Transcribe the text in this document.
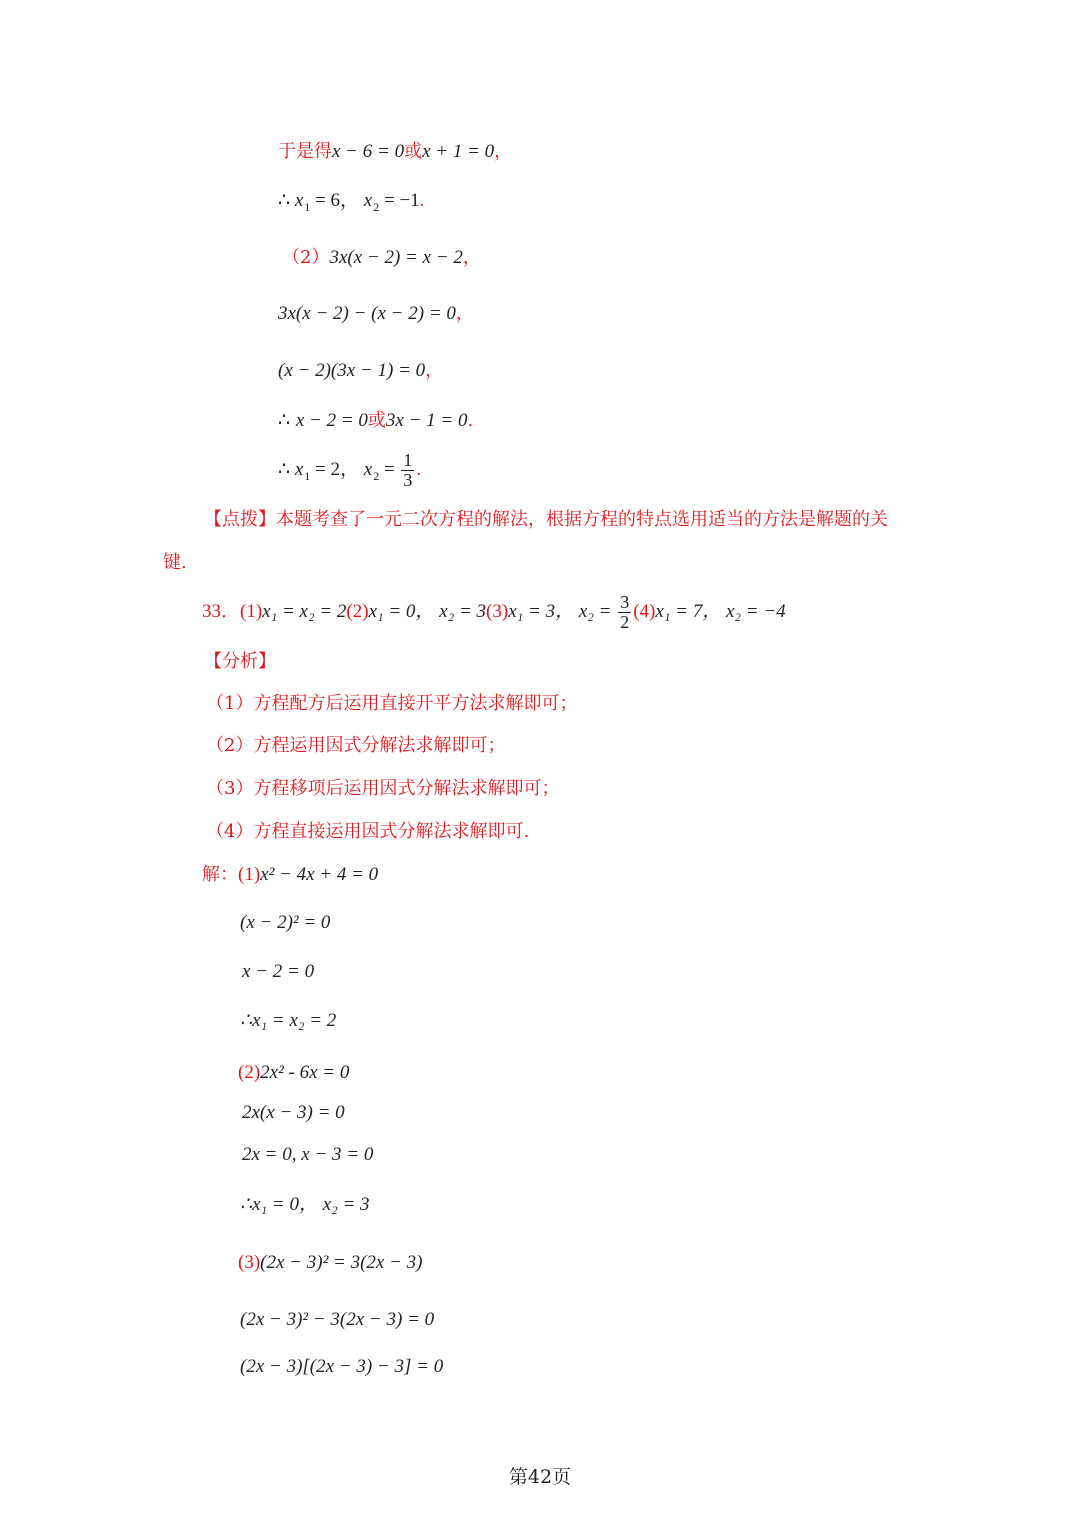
于是得x − 6 = 0或x + 1 = 0，
∴ $x_1 = 6$， $x_2 = -1$.
（2）3x(x − 2) = x − 2，
3x(x − 2) − (x − 2) = 0，
(x − 2)(3x − 1) = 0，
∴ x − 2 = 0或3x − 1 = 0.
∴ $x_1 = 2$， $x_2 = \frac{1}{3}$ .
【点拨】本题考查了一元二次方程的解法，根据方程的特点选用适当的方法是解题的关
键.
33．(1)x₁ = x₂ = 2(2)x₁ = 0， x₂ = 3(3)x₁ = 3， $x_2 = \frac{3}{2} (4)x_1 = 7$， x₂ = −4
【分析】
（1）方程配方后运用直接开平方法求解即可；
（2）方程运用因式分解法求解即可；
（3）方程移项后运用因式分解法求解即可；
（4）方程直接运用因式分解法求解即可.
解：(1)x² − 4x + 4 = 0
(x − 2)² = 0
x − 2 = 0
∴x₁ = x₂ = 2
(2)2x² - 6x = 0
2x(x − 3) = 0
2x = 0, x − 3 = 0
∴x₁ = 0， x₂ = 3
(3)(2x − 3)² = 3(2x − 3)
(2x − 3)² − 3(2x − 3) = 0
(2x − 3)[(2x − 3) − 3] = 0
第42页
